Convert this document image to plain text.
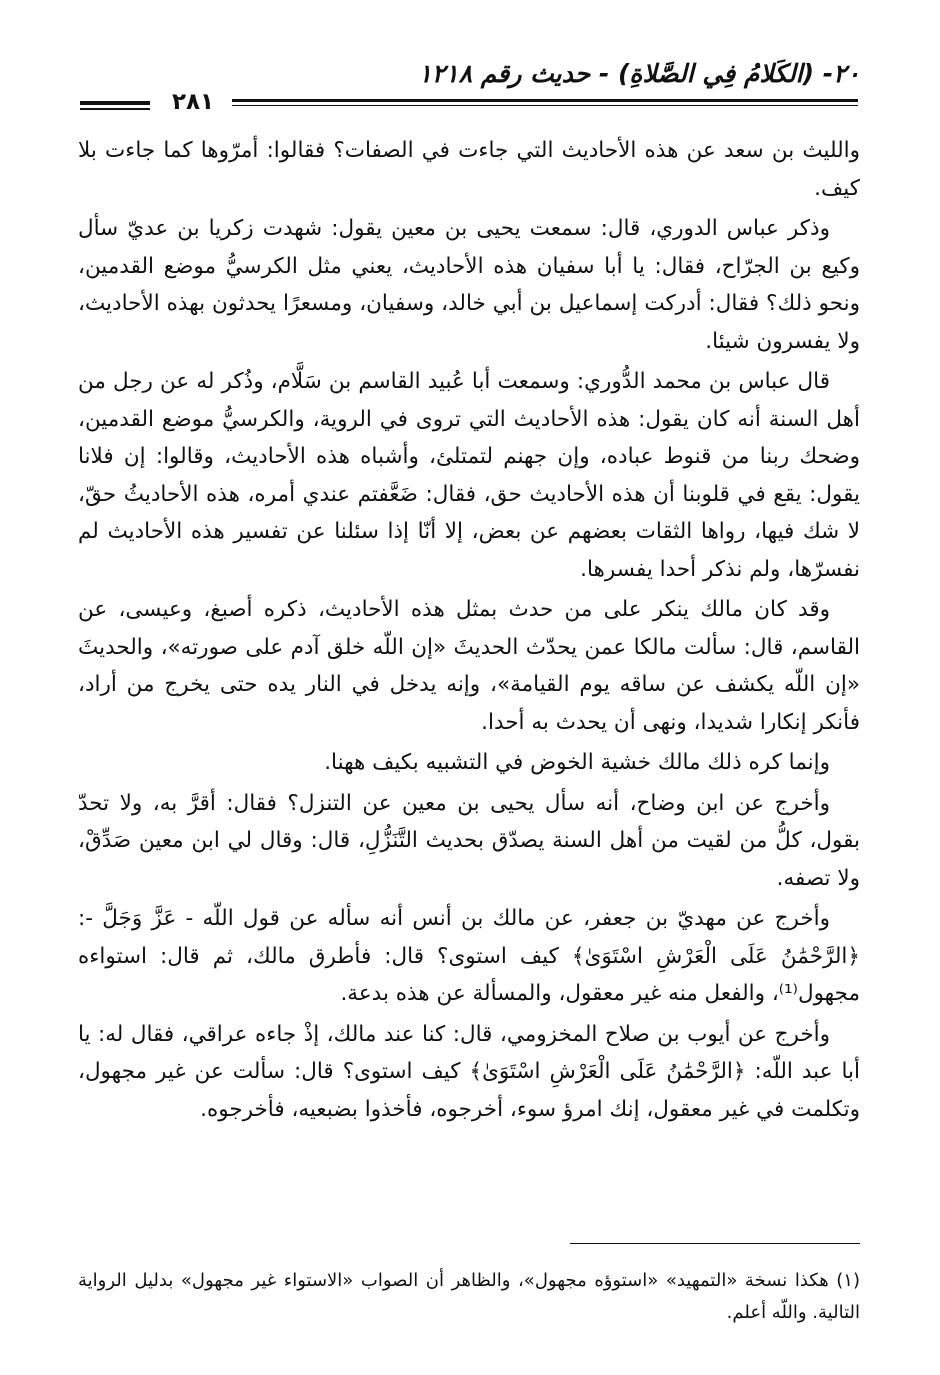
٢٠- (الكَلامُ فِي الصَّلاةِ) - حديث رقم ١٢١٨
٢٨١

والليث بن سعد عن هذه الأحاديث التي جاءت في الصفات؟ فقالوا: أمرّوها كما جاءت بلا كيف.

وذكر عباس الدوري، قال: سمعت يحيى بن معين يقول: شهدت زكريا بن عديّ سأل وكيع بن الجرّاح، فقال: يا أبا سفيان هذه الأحاديث، يعني مثل الكرسيُّ موضع القدمين، ونحو ذلك؟ فقال: أدركت إسماعيل بن أبي خالد، وسفيان، ومسعرًا يحدثون بهذه الأحاديث، ولا يفسرون شيئا.

قال عباس بن محمد الدُّوري: وسمعت أبا عُبيد القاسم بن سَلَّام، وذُكر له عن رجل من أهل السنة أنه كان يقول: هذه الأحاديث التي تروى في الروية، والكرسيُّ موضع القدمين، وضحك ربنا من قنوط عباده، وإن جهنم لتمتلئ، وأشباه هذه الأحاديث، وقالوا: إن فلانا يقول: يقع في قلوبنا أن هذه الأحاديث حق، فقال: ضَعَّفتم عندي أمره، هذه الأحاديثُ حقّ، لا شك فيها، رواها الثقات بعضهم عن بعض، إلا أنّا إذا سئلنا عن تفسير هذه الأحاديث لم نفسرّها، ولم نذكر أحدا يفسرها.

وقد كان مالك ينكر على من حدث بمثل هذه الأحاديث، ذكره أصبغ، وعيسى، عن القاسم، قال: سألت مالكا عمن يحدّث الحديثَ «إن اللّه خلق آدم على صورته»، والحديثَ «إن اللّه يكشف عن ساقه يوم القيامة»، وإنه يدخل في النار يده حتى يخرج من أراد، فأنكر إنكارا شديدا، ونهى أن يحدث به أحدا.

وإنما كره ذلك مالك خشية الخوض في التشبيه بكيف ههنا.

وأخرج عن ابن وضاح، أنه سأل يحيى بن معين عن التنزل؟ فقال: أقرَّ به، ولا تحدّ بقول، كلُّ من لقيت من أهل السنة يصدّق بحديث التَّنَزُّلِ، قال: وقال لي ابن معين صَدِّقْ، ولا تصفه.

وأخرج عن مهديّ بن جعفر، عن مالك بن أنس أنه سأله عن قول اللّه - عَزَّ وَجَلَّ -: ﴿الرَّحْمَٰنُ عَلَى الْعَرْشِ اسْتَوَىٰ﴾ كيف استوى؟ قال: فأطرق مالك، ثم قال: استواءه مجهول⁽¹⁾، والفعل منه غير معقول، والمسألة عن هذه بدعة.

وأخرج عن أيوب بن صلاح المخزومي، قال: كنا عند مالك، إذْ جاءه عراقي، فقال له: يا أبا عبد اللّه: ﴿الرَّحْمَٰنُ عَلَى الْعَرْشِ اسْتَوَىٰ﴾ كيف استوى؟ قال: سألت عن غير مجهول، وتكلمت في غير معقول، إنك امرؤ سوء، أخرجوه، فأخذوا بضبعيه، فأخرجوه.

(١) هكذا نسخة «التمهيد» «استوؤه مجهول»، والظاهر أن الصواب «الاستواء غير مجهول» بدليل الرواية التالية. واللّه أعلم.
